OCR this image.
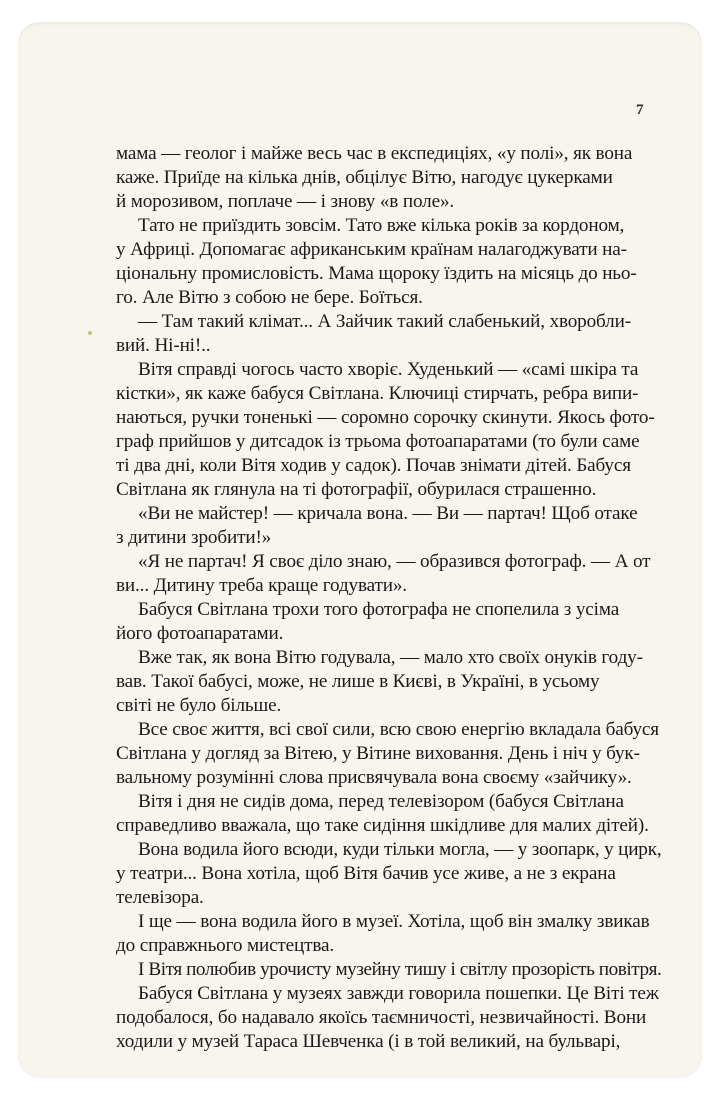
7
мама — геолог і майже весь час в експедиціях, «у полі», як вона
каже. Приїде на кілька днів, обцілує Вітю, нагодує цукерками
й морозивом, поплаче — і знову «в поле».
Тато не приїздить зовсім. Тато вже кілька років за кордоном,
у Африці. Допомагає африканським країнам налагоджувати на-
ціональну промисловість. Мама щороку їздить на місяць до ньо-
го. Але Вітю з собою не бере. Боїться.
— Там такий клімат... А Зайчик такий слабенький, хворобли-
вий. Ні-ні!..
Вітя справді чогось часто хворіє. Худенький — «самі шкіра та
кістки», як каже бабуся Світлана. Ключиці стирчать, ребра випи-
наються, ручки тоненькі — соромно сорочку скинути. Якось фото-
граф прийшов у дитсадок із трьома фотоапаратами (то були саме
ті два дні, коли Вітя ходив у садок). Почав знімати дітей. Бабуся
Світлана як глянула на ті фотографії, обурилася страшенно.
«Ви не майстер! — кричала вона. — Ви — партач! Щоб отаке
з дитини зробити!»
«Я не партач! Я своє діло знаю, — образився фотограф. — А от
ви... Дитину треба краще годувати».
Бабуся Світлана трохи того фотографа не спопелила з усіма
його фотоапаратами.
Вже так, як вона Вітю годувала, — мало хто своїх онуків году-
вав. Такої бабусі, може, не лише в Києві, в Україні, в усьому
світі не було більше.
Все своє життя, всі свої сили, всю свою енергію вкладала бабуся
Світлана у догляд за Вітею, у Вітине виховання. День і ніч у бук-
вальному розумінні слова присвячувала вона своєму «зайчику».
Вітя і дня не сидів дома, перед телевізором (бабуся Світлана
справедливо вважала, що таке сидіння шкідливе для малих дітей).
Вона водила його всюди, куди тільки могла, — у зоопарк, у цирк,
у театри... Вона хотіла, щоб Вітя бачив усе живе, а не з екрана
телевізора.
І ще — вона водила його в музеї. Хотіла, щоб він змалку звикав
до справжнього мистецтва.
І Вітя полюбив урочисту музейну тишу і світлу прозорість повітря.
Бабуся Світлана у музеях завжди говорила пошепки. Це Віті теж
подобалося, бо надавало якоїсь таємничості, незвичайності. Вони
ходили у музей Тараса Шевченка (і в той великий, на бульварі,
